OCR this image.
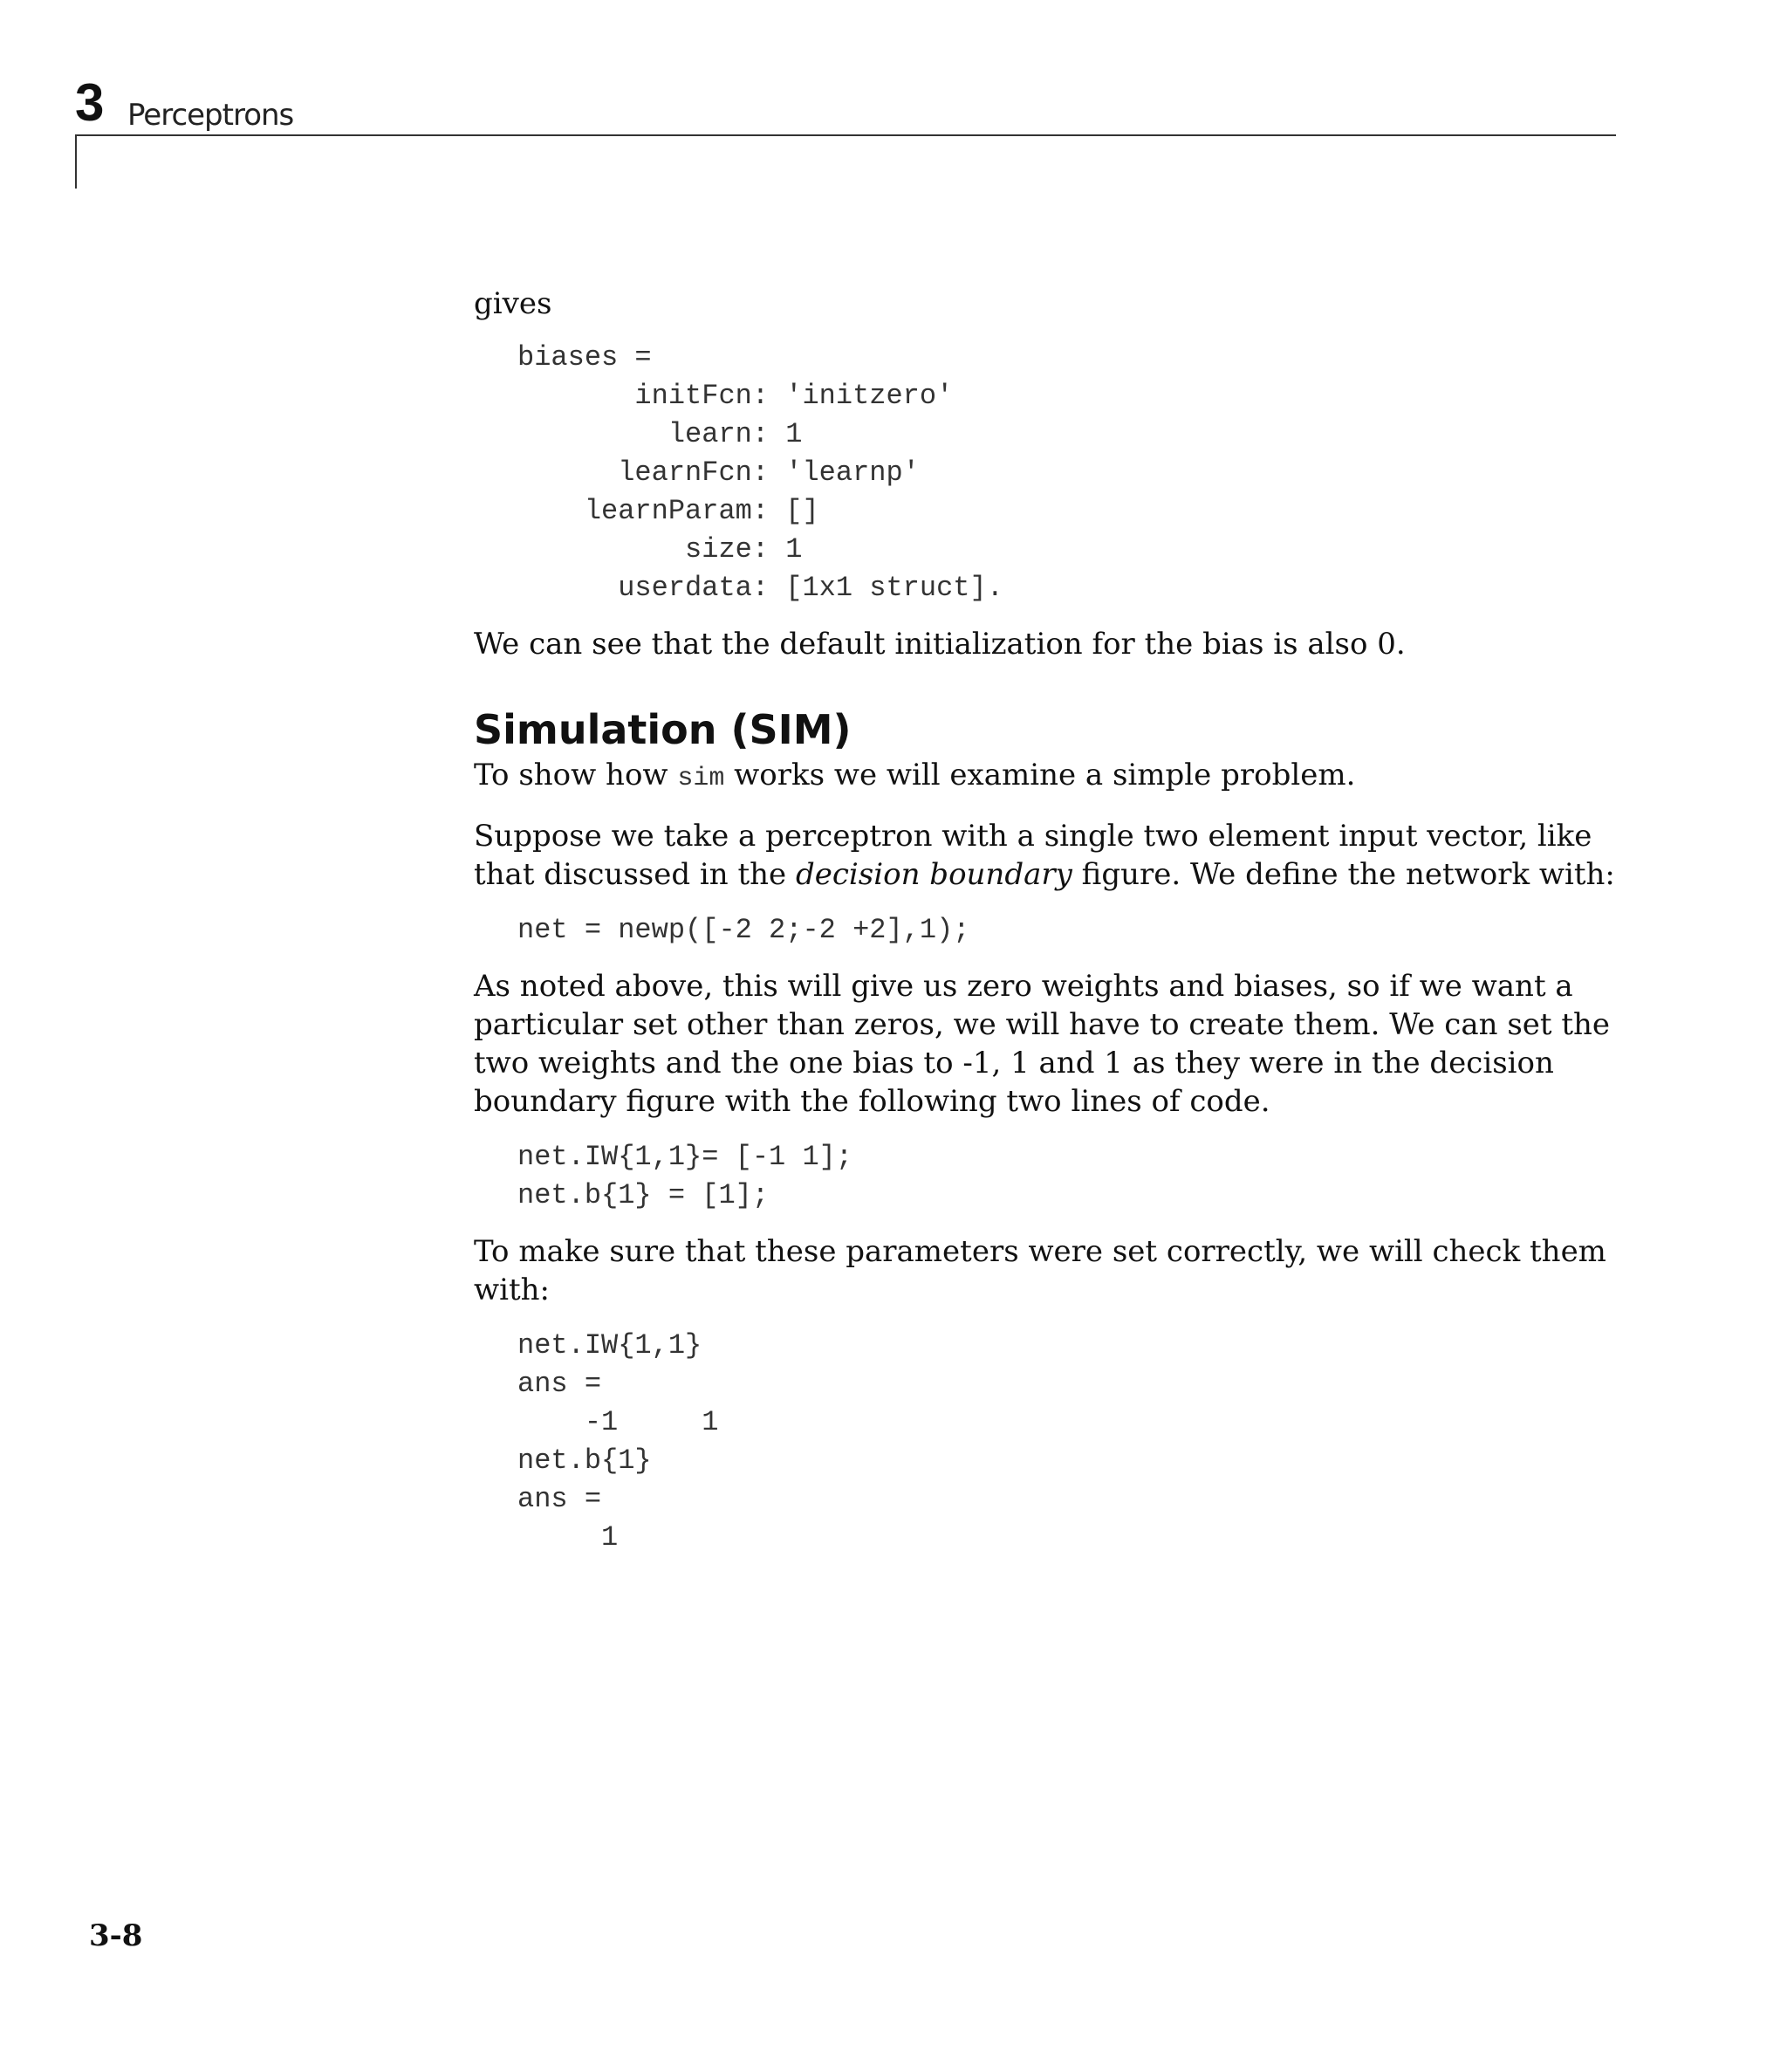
3 Perceptrons

gives

biases =
initFcn: 'initzero'
learn: 1
learnFcn: 'learnp'
learnParam: []
size: 1
userdata: [1x1 struct].

We can see that the default initialization for the bias is also 0.

Simulation (SIM)

To show how sim works we will examine a simple problem.

Suppose we take a perceptron with a single two element input vector, like that discussed in the decision boundary figure. We define the network with:

net = newp([-2 2;-2 +2],1);

As noted above, this will give us zero weights and biases, so if we want a particular set other than zeros, we will have to create them. We can set the two weights and the one bias to -1, 1 and 1 as they were in the decision boundary figure with the following two lines of code.

net.IW{1,1}= [-1 1];
net.b{1} = [1];

To make sure that these parameters were set correctly, we will check them with:

net.IW{1,1}
ans =
-1     1
net.b{1}
ans =
1
3-8
